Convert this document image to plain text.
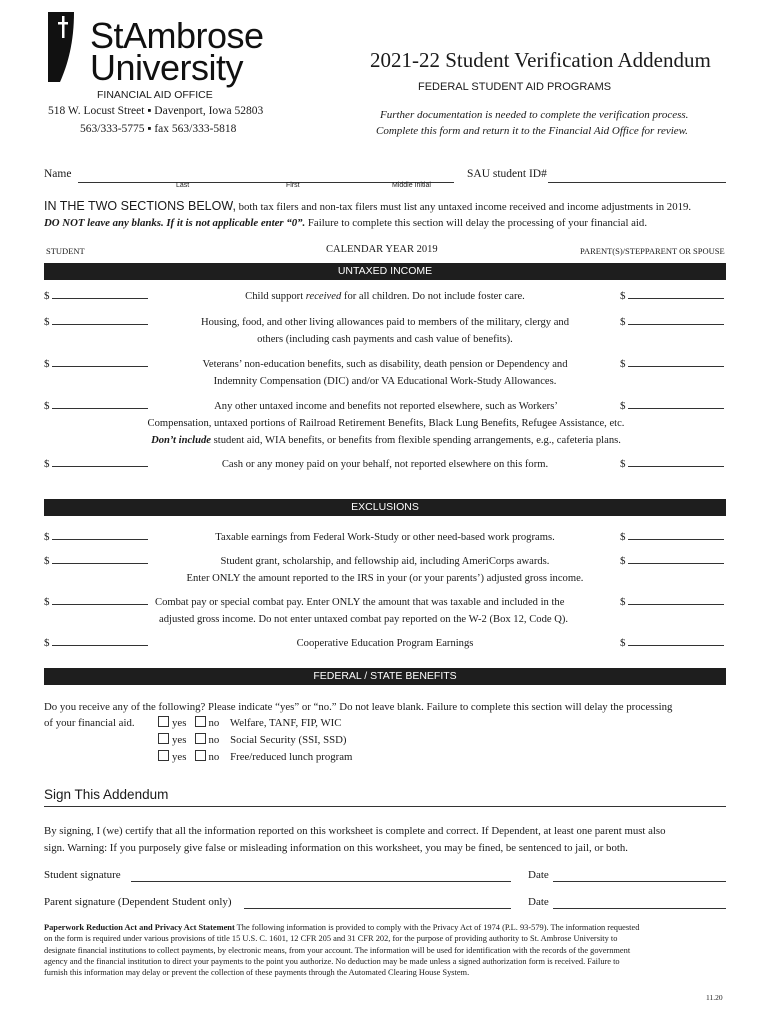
StAmbrose
University
FINANCIAL AID OFFICE
518 W. Locust Street ▪ Davenport, Iowa 52803
563/333-5775 ▪ fax 563/333-5818
2021-22 Student Verification Addendum
FEDERAL STUDENT AID PROGRAMS
Further documentation is needed to complete the verification process.
Complete this form and return it to the Financial Aid Office for review.
Name
Last	First	Middle Initial
SAU student ID#
IN THE TWO SECTIONS BELOW, both tax filers and non-tax filers must list any untaxed income received and income adjustments in 2019.
DO NOT leave any blanks. If it is not applicable enter “0”. Failure to complete this section will delay the processing of your financial aid.
STUDENT	CALENDAR YEAR 2019	PARENT(S)/STEPPARENT OR SPOUSE
UNTAXED INCOME
$	Child support received for all children. Do not include foster care.	$
$	Housing, food, and other living allowances paid to members of the military, clergy and
others (including cash payments and cash value of benefits).
$
$	Veterans’ non-education benefits, such as disability, death pension or Dependency and
Indemnity Compensation (DIC) and/or VA Educational Work-Study Allowances.
$
$	Any other untaxed income and benefits not reported elsewhere, such as Workers’
Compensation, untaxed portions of Railroad Retirement Benefits, Black Lung Benefits, Refugee Assistance, etc.
Don’t include student aid, WIA benefits, or benefits from flexible spending arrangements, e.g., cafeteria plans.
$
$	Cash or any money paid on your behalf, not reported elsewhere on this form.	$
EXCLUSIONS
$	Taxable earnings from Federal Work-Study or other need-based work programs.	$
$	Student grant, scholarship, and fellowship aid, including AmeriCorps awards.
Enter ONLY the amount reported to the IRS in your (or your parents’) adjusted gross income.
$
$	Combat pay or special combat pay. Enter ONLY the amount that was taxable and included in the
adjusted gross income. Do not enter untaxed combat pay reported on the W-2 (Box 12, Code Q).
$
$	Cooperative Education Program Earnings	$
FEDERAL / STATE BENEFITS
Do you receive any of the following? Please indicate “yes” or “no.” Do not leave blank. Failure to complete this section will delay the processing
of your financial aid.	yes no Welfare, TANF, FIP, WIC
yes no Social Security (SSI, SSD)
yes no Free/reduced lunch program
Sign This Addendum
By signing, I (we) certify that all the information reported on this worksheet is complete and correct. If Dependent, at least one parent must also
sign. Warning: If you purposely give false or misleading information on this worksheet, you may be fined, be sentenced to jail, or both.
Student signature	Date
Parent signature (Dependent Student only)	Date
Paperwork Reduction Act and Privacy Act Statement The following information is provided to comply with the Privacy Act of 1974 (P.L. 93-579). The information requested
on the form is required under various provisions of title 15 U.S. C. 1601, 12 CFR 205 and 31 CFR 202, for the purpose of providing authority to St. Ambrose University to
designate financial institutions to collect payments, by electronic means, from your account. The information will be used for identification with the records of the government
agency and the financial institution to direct your payments to the point you authorize. No deduction may be made unless a signed authorization form is received. Failure to
furnish this information may delay or prevent the collection of these payments through the Automated Clearing House System.
11.20
